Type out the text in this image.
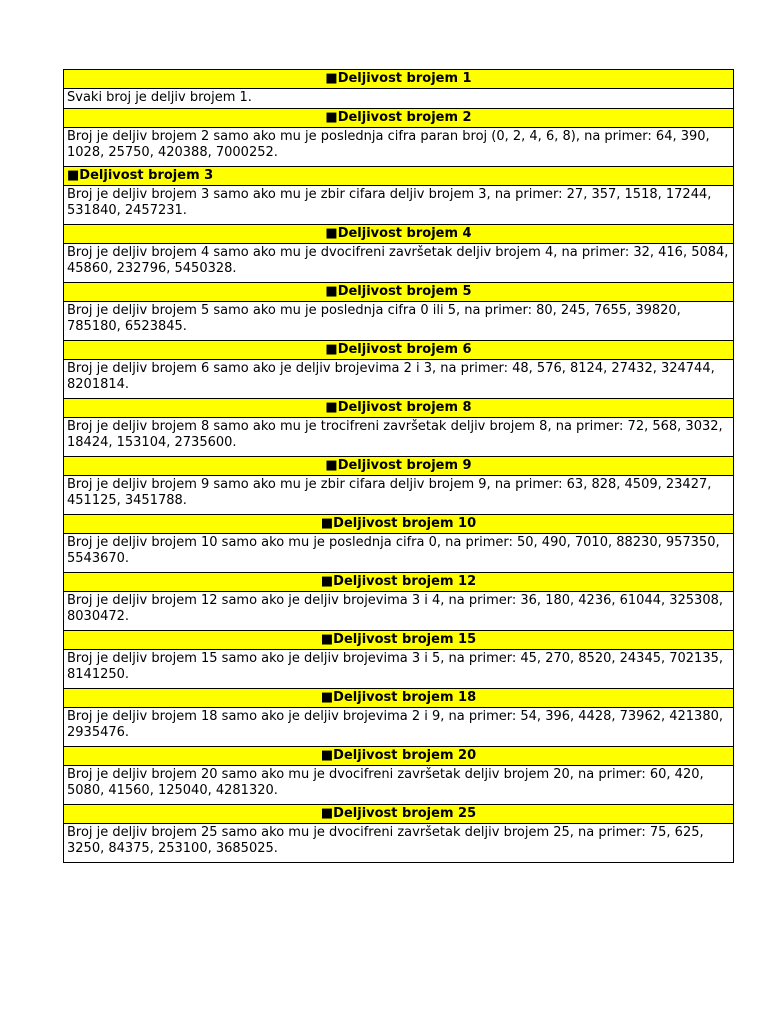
■Deljivost brojem 1
Svaki broj je deljiv brojem 1.
■Deljivost brojem 2
Broj je deljiv brojem 2 samo ako mu je poslednja cifra paran broj (0, 2, 4, 6, 8), na primer: 64, 390, 1028, 25750, 420388, 7000252.
■Deljivost brojem 3
Broj je deljiv brojem 3 samo ako mu je zbir cifara deljiv brojem 3, na primer: 27, 357, 1518, 17244, 531840, 2457231.
■Deljivost brojem 4
Broj je deljiv brojem 4 samo ako mu je dvocifreni završetak deljiv brojem 4, na primer: 32, 416, 5084, 45860, 232796, 5450328.
■Deljivost brojem 5
Broj je deljiv brojem 5 samo ako mu je poslednja cifra 0 ili 5, na primer: 80, 245, 7655, 39820, 785180, 6523845.
■Deljivost brojem 6
Broj je deljiv brojem 6 samo ako je deljiv brojevima 2 i 3, na primer: 48, 576, 8124, 27432, 324744, 8201814.
■Deljivost brojem 8
Broj je deljiv brojem 8 samo ako mu je trocifreni završetak deljiv brojem 8, na primer: 72, 568, 3032, 18424, 153104, 2735600.
■Deljivost brojem 9
Broj je deljiv brojem 9 samo ako mu je zbir cifara deljiv brojem 9, na primer: 63, 828, 4509, 23427, 451125, 3451788.
■Deljivost brojem 10
Broj je deljiv brojem 10 samo ako mu je poslednja cifra 0, na primer: 50, 490, 7010, 88230, 957350, 5543670.
■Deljivost brojem 12
Broj je deljiv brojem 12 samo ako je deljiv brojevima 3 i 4, na primer: 36, 180, 4236, 61044, 325308, 8030472.
■Deljivost brojem 15
Broj je deljiv brojem 15 samo ako je deljiv brojevima 3 i 5, na primer: 45, 270, 8520, 24345, 702135, 8141250.
■Deljivost brojem 18
Broj je deljiv brojem 18 samo ako je deljiv brojevima 2 i 9, na primer: 54, 396, 4428, 73962, 421380, 2935476.
■Deljivost brojem 20
Broj je deljiv brojem 20 samo ako mu je dvocifreni završetak deljiv brojem 20, na primer: 60, 420, 5080, 41560, 125040, 4281320.
■Deljivost brojem 25
Broj je deljiv brojem 25 samo ako mu je dvocifreni završetak deljiv brojem 25, na primer: 75, 625, 3250, 84375, 253100, 3685025.
